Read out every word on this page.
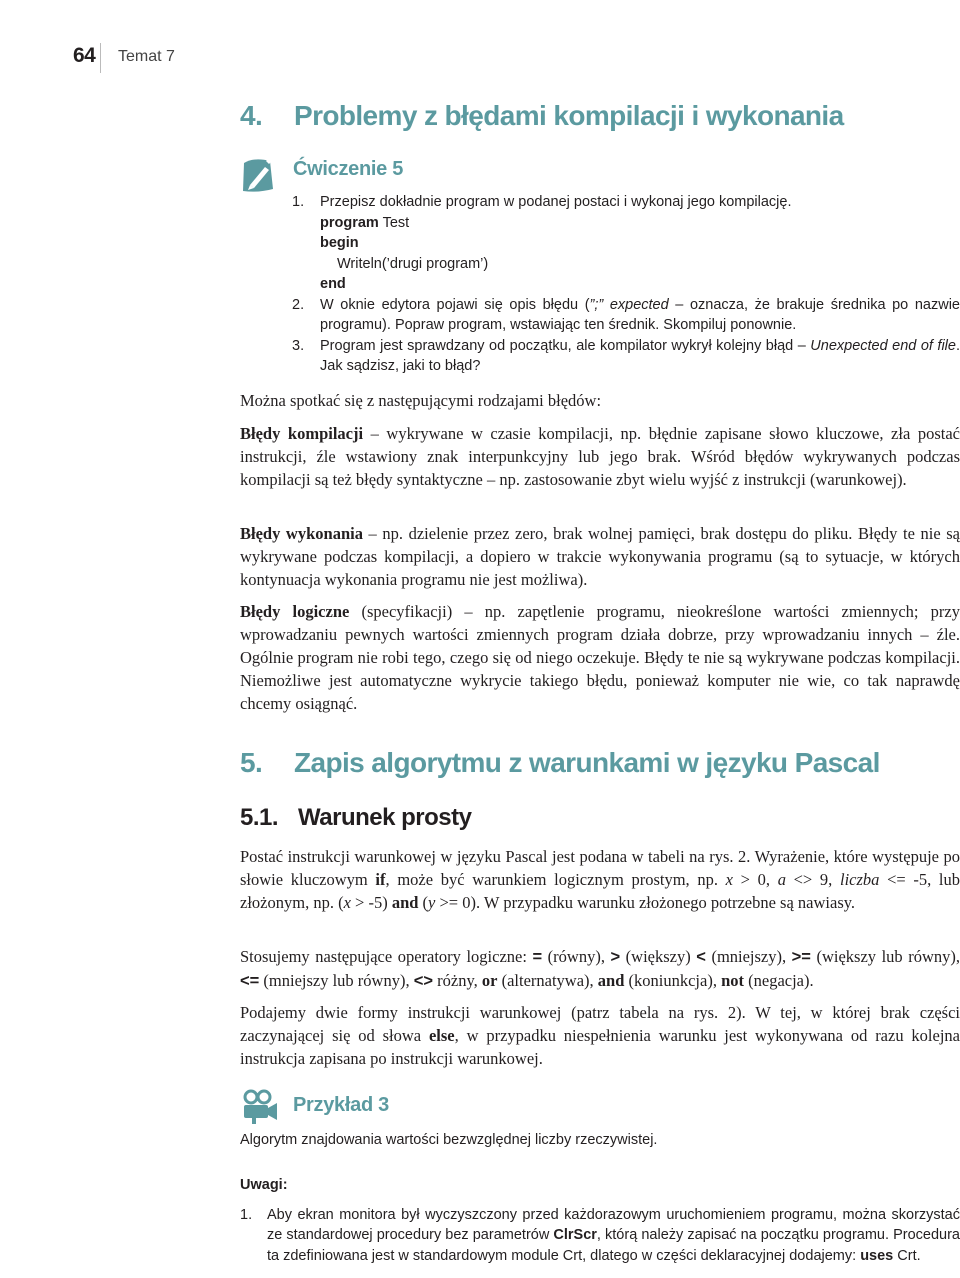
64 Temat 7
4. Problemy z błędami kompilacji i wykonania
Ćwiczenie 5
1. Przepisz dokładnie program w podanej postaci i wykonaj jego kompilację.
program Test
begin
Writeln(’drugi program’)
end
2. W oknie edytora pojawi się opis błędu (”;” expected – oznacza, że brakuje średnika po nazwie programu). Popraw program, wstawiając ten średnik. Skompiluj ponownie.
3. Program jest sprawdzany od początku, ale kompilator wykrył kolejny błąd – Unexpected end of file. Jak sądzisz, jaki to błąd?
Można spotkać się z następującymi rodzajami błędów:
Błędy kompilacji – wykrywane w czasie kompilacji, np. błędnie zapisane słowo kluczowe, zła postać instrukcji, źle wstawiony znak interpunkcyjny lub jego brak. Wśród błędów wykrywanych podczas kompilacji są też błędy syntaktyczne – np. zastosowanie zbyt wielu wyjść z instrukcji (warunkowej).
Błędy wykonania – np. dzielenie przez zero, brak wolnej pamięci, brak dostępu do pliku. Błędy te nie są wykrywane podczas kompilacji, a dopiero w trakcie wykonywania programu (są to sytuacje, w których kontynuacja wykonania programu nie jest możliwa).
Błędy logiczne (specyfikacji) – np. zapętlenie programu, nieokreślone wartości zmiennych; przy wprowadzaniu pewnych wartości zmiennych program działa dobrze, przy wprowadzaniu innych – źle. Ogólnie program nie robi tego, czego się od niego oczekuje. Błędy te nie są wykrywane podczas kompilacji. Niemożliwe jest automatyczne wykrycie takiego błędu, ponieważ komputer nie wie, co tak naprawdę chcemy osiągnąć.
5. Zapis algorytmu z warunkami w języku Pascal
5.1. Warunek prosty
Postać instrukcji warunkowej w języku Pascal jest podana w tabeli na rys. 2. Wyrażenie, które występuje po słowie kluczowym if, może być warunkiem logicznym prostym, np. x > 0, a <> 9, liczba <= -5, lub złożonym, np. (x > -5) and (y >= 0). W przypadku warunku złożonego potrzebne są nawiasy.
Stosujemy następujące operatory logiczne: = (równy), > (większy) < (mniejszy), >= (większy lub równy), <= (mniejszy lub równy), <> różny, or (alternatywa), and (koniunkcja), not (negacja).
Podajemy dwie formy instrukcji warunkowej (patrz tabela na rys. 2). W tej, w której brak części zaczynającej się od słowa else, w przypadku niespełnienia warunku jest wykonywana od razu kolejna instrukcja zapisana po instrukcji warunkowej.
Przykład 3
Algorytm znajdowania wartości bezwzględnej liczby rzeczywistej.
Uwagi:
1. Aby ekran monitora był wyczyszczony przed każdorazowym uruchomieniem programu, można skorzystać ze standardowej procedury bez parametrów ClrScr, którą należy zapisać na początku programu. Procedura ta zdefiniowana jest w standardowym module Crt, dlatego w części deklaracyjnej dodajemy: uses Crt.
